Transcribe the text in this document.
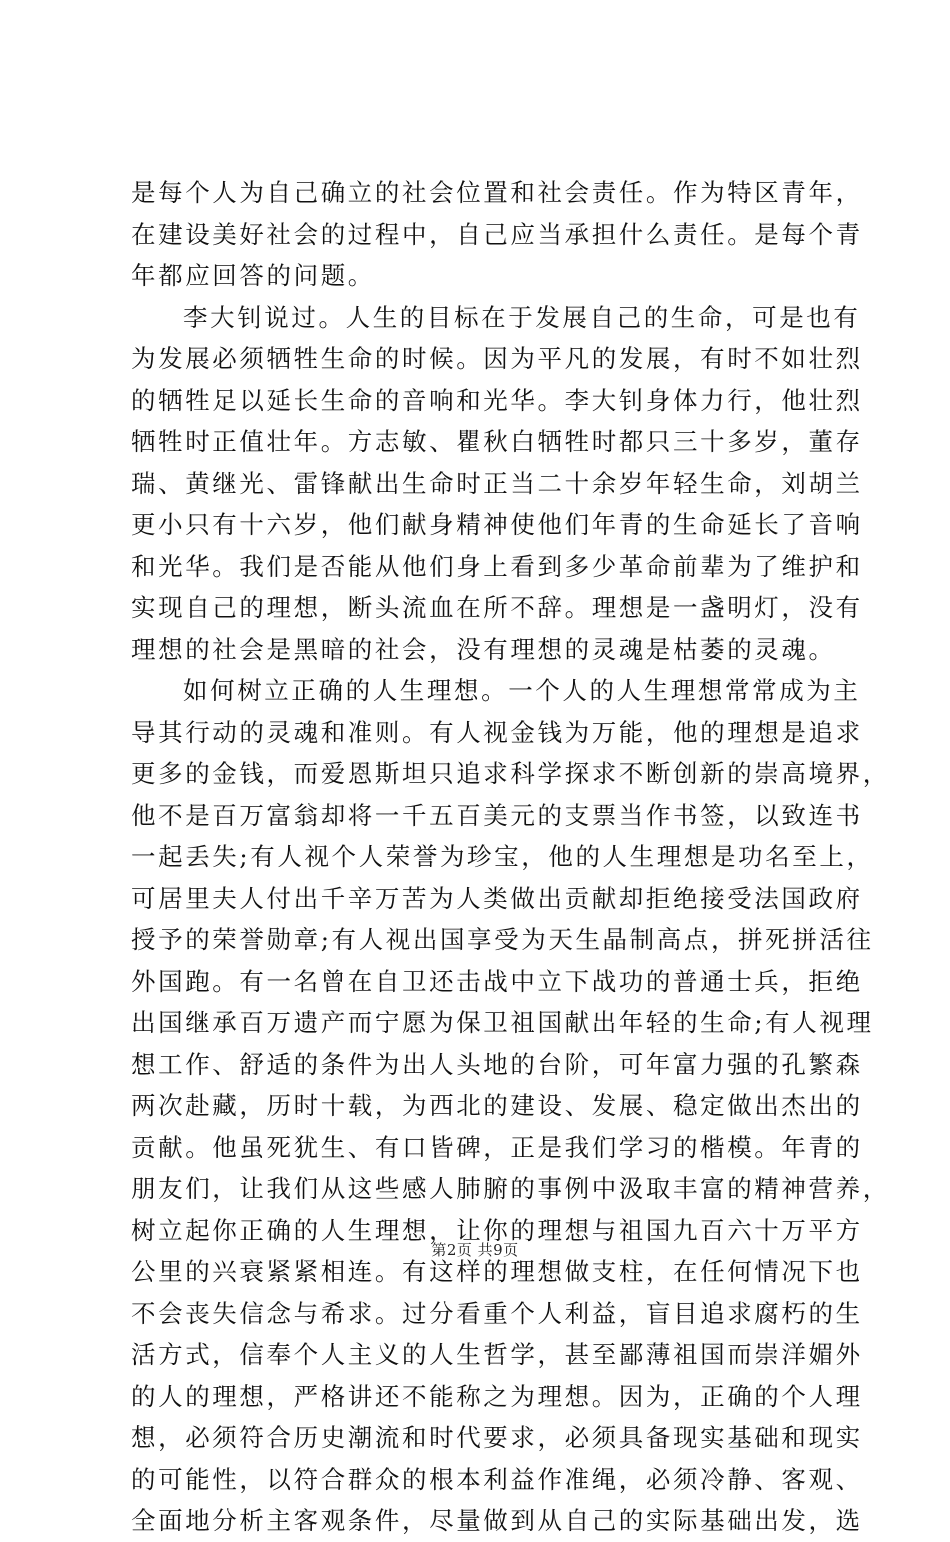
是每个人为自己确立的社会位置和社会责任。作为特区青年，
在建设美好社会的过程中，自己应当承担什么责任。是每个青
年都应回答的问题。
李大钊说过。人生的目标在于发展自己的生命，可是也有
为发展必须牺牲生命的时候。因为平凡的发展，有时不如壮烈
的牺牲足以延长生命的音响和光华。李大钊身体力行，他壮烈
牺牲时正值壮年。方志敏、瞿秋白牺牲时都只三十多岁，董存
瑞、黄继光、雷锋献出生命时正当二十余岁年轻生命，刘胡兰
更小只有十六岁，他们献身精神使他们年青的生命延长了音响
和光华。我们是否能从他们身上看到多少革命前辈为了维护和
实现自己的理想，断头流血在所不辞。理想是一盏明灯，没有
理想的社会是黑暗的社会，没有理想的灵魂是枯萎的灵魂。
如何树立正确的人生理想。一个人的人生理想常常成为主
导其行动的灵魂和准则。有人视金钱为万能，他的理想是追求
更多的金钱，而爱恩斯坦只追求科学探求不断创新的崇高境界，
他不是百万富翁却将一千五百美元的支票当作书签，以致连书
一起丢失;有人视个人荣誉为珍宝，他的人生理想是功名至上，
可居里夫人付出千辛万苦为人类做出贡献却拒绝接受法国政府
授予的荣誉勋章;有人视出国享受为天生晶制高点，拼死拼活往
外国跑。有一名曾在自卫还击战中立下战功的普通士兵，拒绝
出国继承百万遗产而宁愿为保卫祖国献出年轻的生命;有人视理
想工作、舒适的条件为出人头地的台阶，可年富力强的孔繁森
两次赴藏，历时十载，为西北的建设、发展、稳定做出杰出的
贡献。他虽死犹生、有口皆碑，正是我们学习的楷模。年青的
朋友们，让我们从这些感人肺腑的事例中汲取丰富的精神营养，
树立起你正确的人生理想，让你的理想与祖国九百六十万平方
公里的兴衰紧紧相连。有这样的理想做支柱，在任何情况下也
不会丧失信念与希求。过分看重个人利益，盲目追求腐朽的生
活方式，信奉个人主义的人生哲学，甚至鄙薄祖国而崇洋媚外
的人的理想，严格讲还不能称之为理想。因为，正确的个人理
想，必须符合历史潮流和时代要求，必须具备现实基础和现实
的可能性，以符合群众的根本利益作准绳，必须冷静、客观、
全面地分析主客观条件，尽量做到从自己的实际基础出发，选
第2页 共9页
